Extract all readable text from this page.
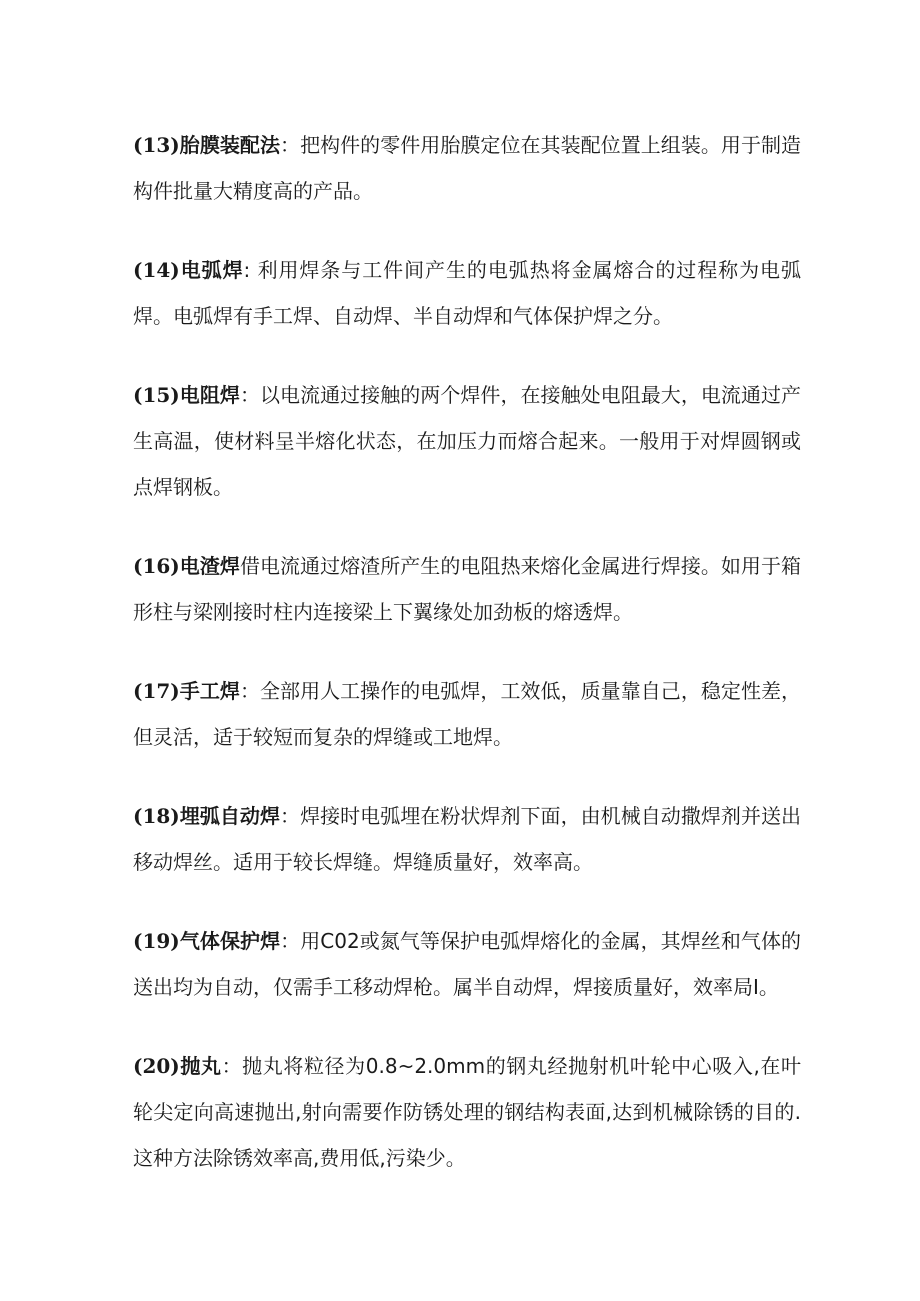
(13)胎膜装配法：把构件的零件用胎膜定位在其装配位置上组装。用于制造构件批量大精度高的产品。

(14)电弧焊: 利用焊条与工件间产生的电弧热将金属熔合的过程称为电弧焊。电弧焊有手工焊、自动焊、半自动焊和气体保护焊之分。

(15)电阻焊：以电流通过接触的两个焊件，在接触处电阻最大，电流通过产生高温，使材料呈半熔化状态，在加压力而熔合起来。一般用于对焊圆钢或点焊钢板。

(16)电渣焊借电流通过熔渣所产生的电阻热来熔化金属进行焊接。如用于箱形柱与梁刚接时柱内连接梁上下翼缘处加劲板的熔透焊。

(17)手工焊：全部用人工操作的电弧焊，工效低，质量靠自己，稳定性差，但灵活，适于较短而复杂的焊缝或工地焊。

(18)埋弧自动焊：焊接时电弧埋在粉状焊剂下面，由机械自动撒焊剂并送出移动焊丝。适用于较长焊缝。焊缝质量好，效率高。

(19)气体保护焊：用C02或氮气等保护电弧焊熔化的金属，其焊丝和气体的送出均为自动，仅需手工移动焊枪。属半自动焊，焊接质量好，效率局I。

(20)抛丸：抛丸将粒径为0.8~2.0mm的钢丸经抛射机叶轮中心吸入,在叶轮尖定向高速抛出,射向需要作防锈处理的钢结构表面,达到机械除锈的目的.这种方法除锈效率高,费用低,污染少。
